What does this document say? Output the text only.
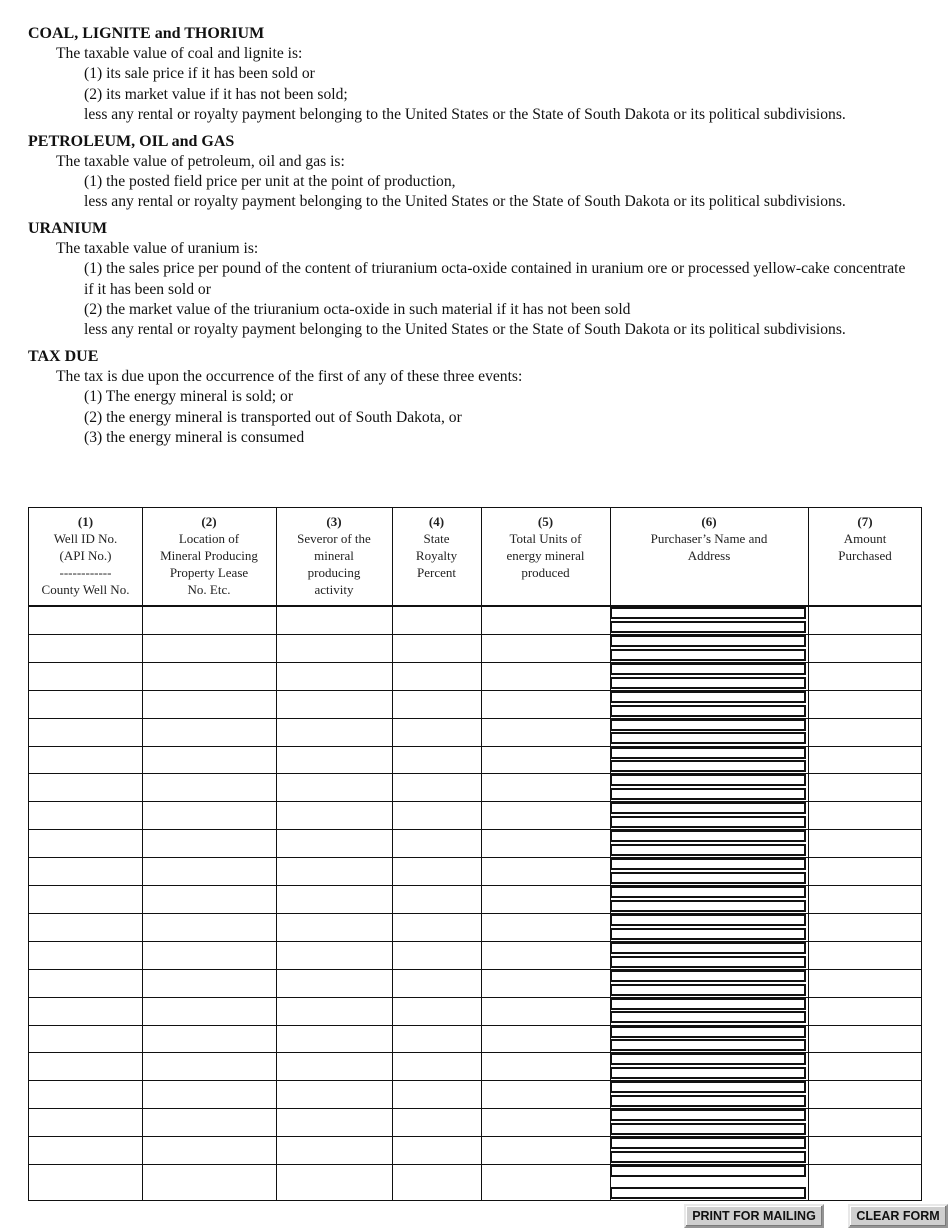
COAL, LIGNITE and THORIUM
The taxable value of coal and lignite is:
(1) its sale price if it has been sold or
(2) its market value if it has not been sold;
less any rental or royalty payment belonging to the United States or the State of South Dakota or its political subdivisions.
PETROLEUM, OIL and GAS
The taxable value of petroleum, oil and gas is:
(1) the posted field price per unit at the point of production,
less any rental or royalty payment belonging to the United States or the State of South Dakota or its political subdivisions.
URANIUM
The taxable value of uranium is:
(1) the sales price per pound of the content of triuranium octa-oxide contained in uranium ore or processed yellow-cake concentrate if it has been sold or
(2) the market value of the triuranium octa-oxide in such material if it has not been sold
less any rental or royalty payment belonging to the United States or the State of South Dakota or its political subdivisions.
TAX DUE
The tax is due upon the occurrence of the first of any of these three events:
(1) The energy mineral is sold; or
(2) the energy mineral is transported out of South Dakota, or
(3) the energy mineral is consumed
(1)
Well ID No.
(API No.)
------------
County Well No.
(2)
Location of
Mineral Producing
Property Lease
No. Etc.
(3)
Severor of the
mineral
producing
activity
(4)
State
Royalty
Percent
(5)
Total Units of
energy mineral
produced
(6)
Purchaser’s Name and
Address
(7)
Amount
Purchased
PRINT FOR MAILING	CLEAR FORM
